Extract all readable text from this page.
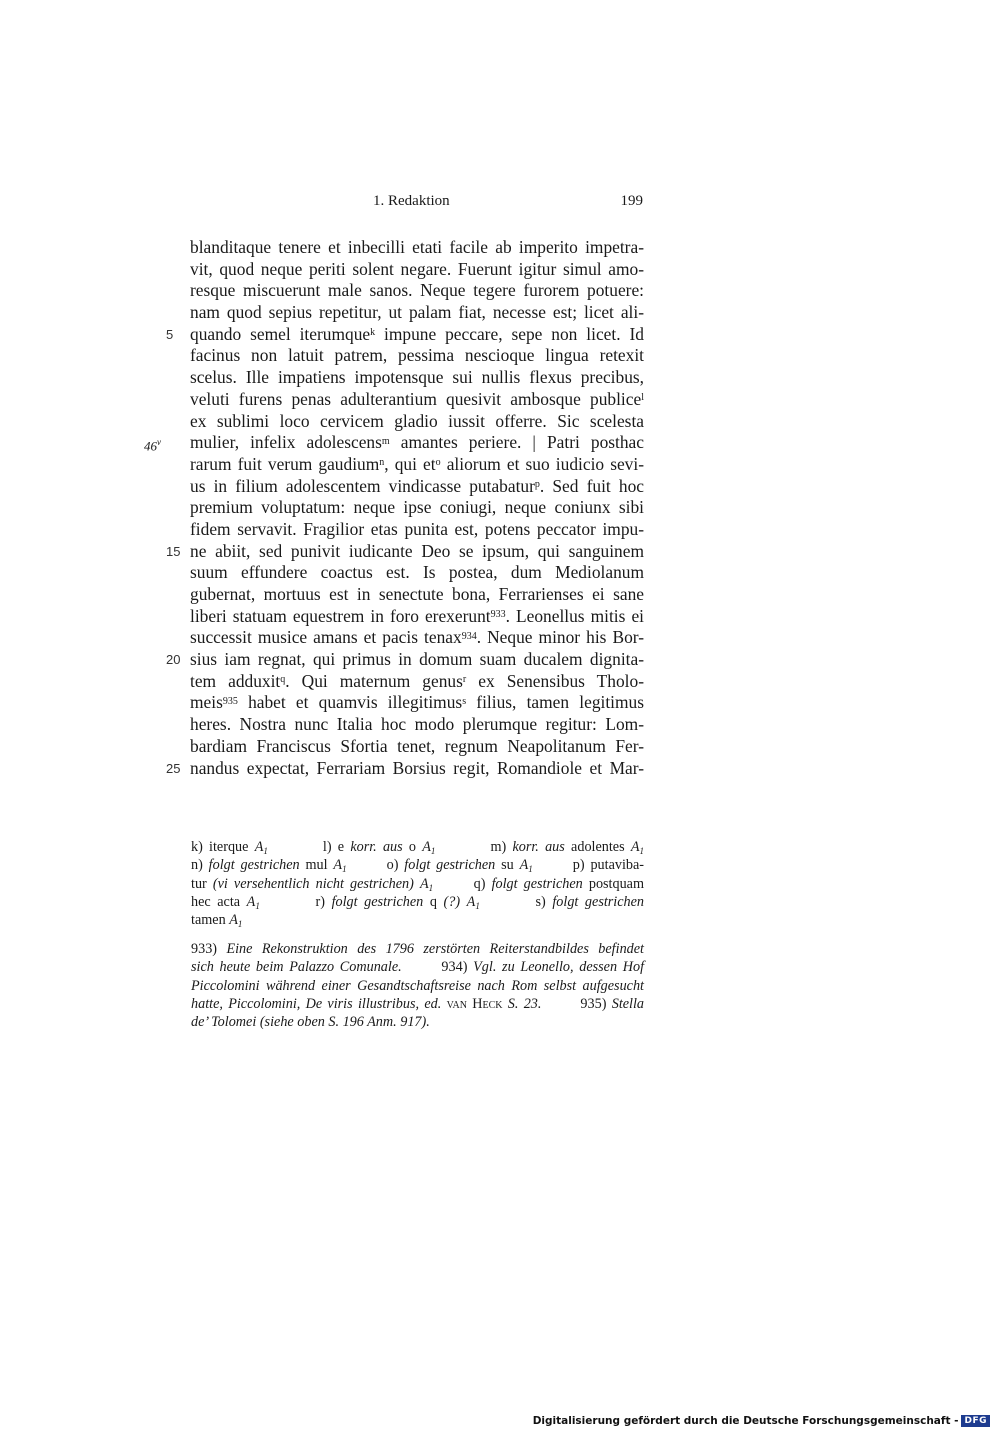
1. Redaktion	199
blanditaque tenere et inbecilli etati facile ab imperito impetra-
vit, quod neque periti solent negare. Fuerunt igitur simul amo-
resque miscuerunt male sanos. Neque tegere furorem potuere:
nam quod sepius repetitur, ut palam fiat, necesse est; licet ali-
5 quando semel iterumque$^k$ impune peccare, sepe non licet. Id
facinus non latuit patrem, pessima nescioque lingua retexit
scelus. Ille impatiens impotensque sui nullis flexus precibus,
veluti furens penas adulterantium quesivit ambosque publice$^l$
ex sublimi loco cervicem gladio iussit offerre. Sic scelesta
46$^v$ mulier, infelix adolescens$^m$ amantes periere. | Patri posthac
rarum fuit verum gaudium$^n$, qui $et^o$ aliorum et suo iudicio sevi-
us in filium adolescentem vindicasse putabatur$^p$. Sed fuit hoc
premium voluptatum: neque ipse coniugi, neque coniunx sibi
fidem servavit. Fragilior etas punita est, potens peccator impu-
15 ne abiit, sed punivit iudicante Deo se ipsum, qui sanguinem
suum effundere coactus est. Is postea, dum Mediolanum
gubernat, mortuus est in senectute bona, Ferrarienses ei sane
liberi statuam equestrem in foro erexerunt$^{933}$. Leonellus mitis ei
successit musice amans et pacis tenax$^{934}$. Neque minor his Bor-
20 sius iam regnat, qui primus in domum suam ducalem dignita-
tem adduxit$^q$. Qui maternum genus$^r$ ex Senensibus Tholo-
meis$^{935}$ habet et quamvis illegitimus$^s$ filius, tamen legitimus
heres. Nostra nunc Italia hoc modo plerumque regitur: Lom-
bardiam Franciscus Sfortia tenet, regnum Neapolitanum Fer-
25 nandus expectat, Ferrariam Borsius regit, Romandiole et Mar-
k) iterque $A_1$    	l) e korr. aus o $A_1$    	m) korr. aus adolentes $A_1$
n) folgt gestrichen mul $A_1$   	o) folgt gestrichen su $A_1$   	p) putaviba-
tur (vi versehentlich nicht gestrichen) $A_1$   	q) folgt gestrichen postquam
hec acta $A_1$    	r) folgt gestrichen q (?) $A_1$    	s) folgt gestrichen
tamen $A_1$
933) Eine Rekonstruktion des 1796 zerstörten Reiterstandbildes befindet
sich heute beim Palazzo Comunale.   	934) Vgl. zu Leonello, dessen Hof
Piccolomini während einer Gesandtschaftsreise nach Rom selbst aufgesucht
hatte, Piccolomini, De viris illustribus, ed. van Heck S. 23.   	935) Stella
de’ Tolomei (siehe oben S. 196 Anm. 917).
Digitalisierung gefördert durch die Deutsche Forschungsgemeinschaft - DFG
